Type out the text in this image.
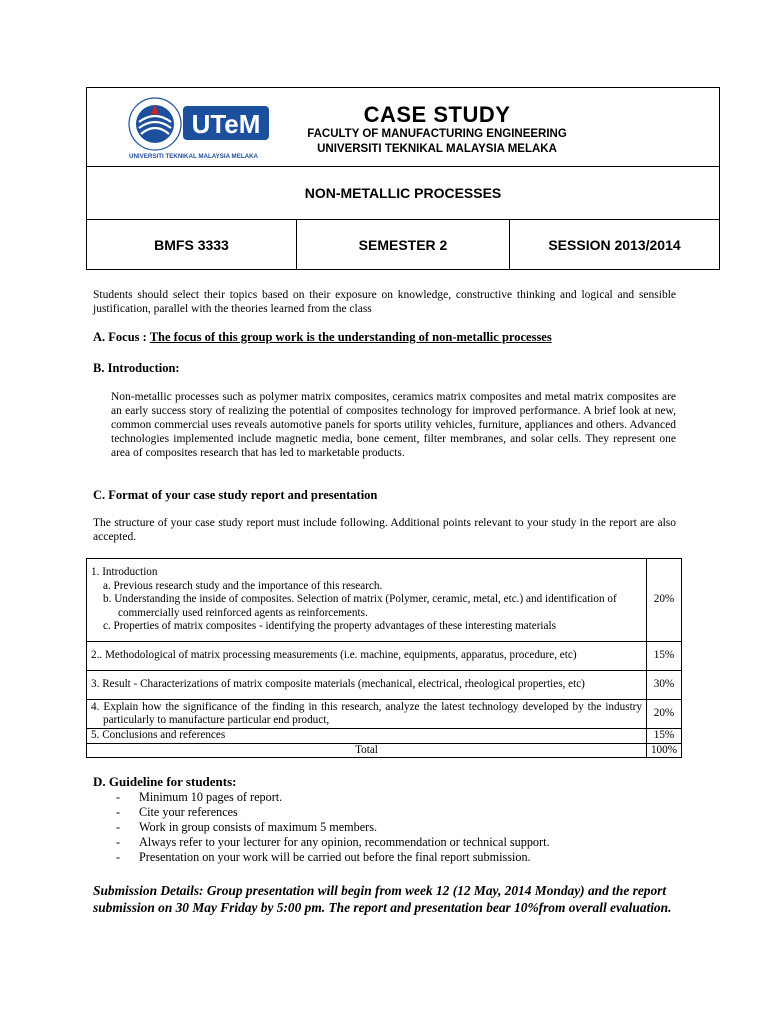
UTeM
UNIVERSITI TEKNIKAL MALAYSIA MELAKA
CASE STUDY
FACULTY OF MANUFACTURING ENGINEERING
UNIVERSITI TEKNIKAL MALAYSIA MELAKA
NON-METALLIC PROCESSES
BMFS 3333	SEMESTER 2	SESSION 2013/2014
Students should select their topics based on their exposure on knowledge, constructive thinking and logical and sensible justification, parallel with the theories learned from the class
A. Focus : The focus of this group work is the understanding of non-metallic processes
B. Introduction:
Non-metallic processes such as polymer matrix composites, ceramics matrix composites and metal matrix composites are an early success story of realizing the potential of composites technology for improved performance. A brief look at new, common commercial uses reveals automotive panels for sports utility vehicles, furniture, appliances and others. Advanced technologies implemented include magnetic media, bone cement, filter membranes, and solar cells. They represent one area of composites research that has led to marketable products.
C. Format of your case study report and presentation
The structure of your case study report must include following. Additional points relevant to your study in the report are also accepted.
1. Introduction
a. Previous research study and the importance of this research.
b. Understanding the inside of composites. Selection of matrix (Polymer, ceramic, metal, etc.) and identification of commercially used reinforced agents as reinforcements.
c. Properties of matrix composites - identifying the property advantages of these interesting materials	20%

2.. Methodological of matrix processing measurements (i.e. machine, equipments, apparatus, procedure, etc)	15%

3. Result - Characterizations of matrix composite materials (mechanical, electrical, rheological properties, etc)	30%

4. Explain how the significance of the finding in this research, analyze the latest technology developed by the industry particularly to manufacture particular end product,	20%
5. Conclusions and references	15%
Total	100%
D. Guideline for students:
- Minimum 10 pages of report.
- Cite your references
- Work in group consists of maximum 5 members.
- Always refer to your lecturer for any opinion, recommendation or technical support.
- Presentation on your work will be carried out before the final report submission.
Submission Details: Group presentation will begin from week 12 (12 May, 2014 Monday) and the report submission on 30 May Friday by 5:00 pm. The report and presentation bear 10%from overall evaluation.
